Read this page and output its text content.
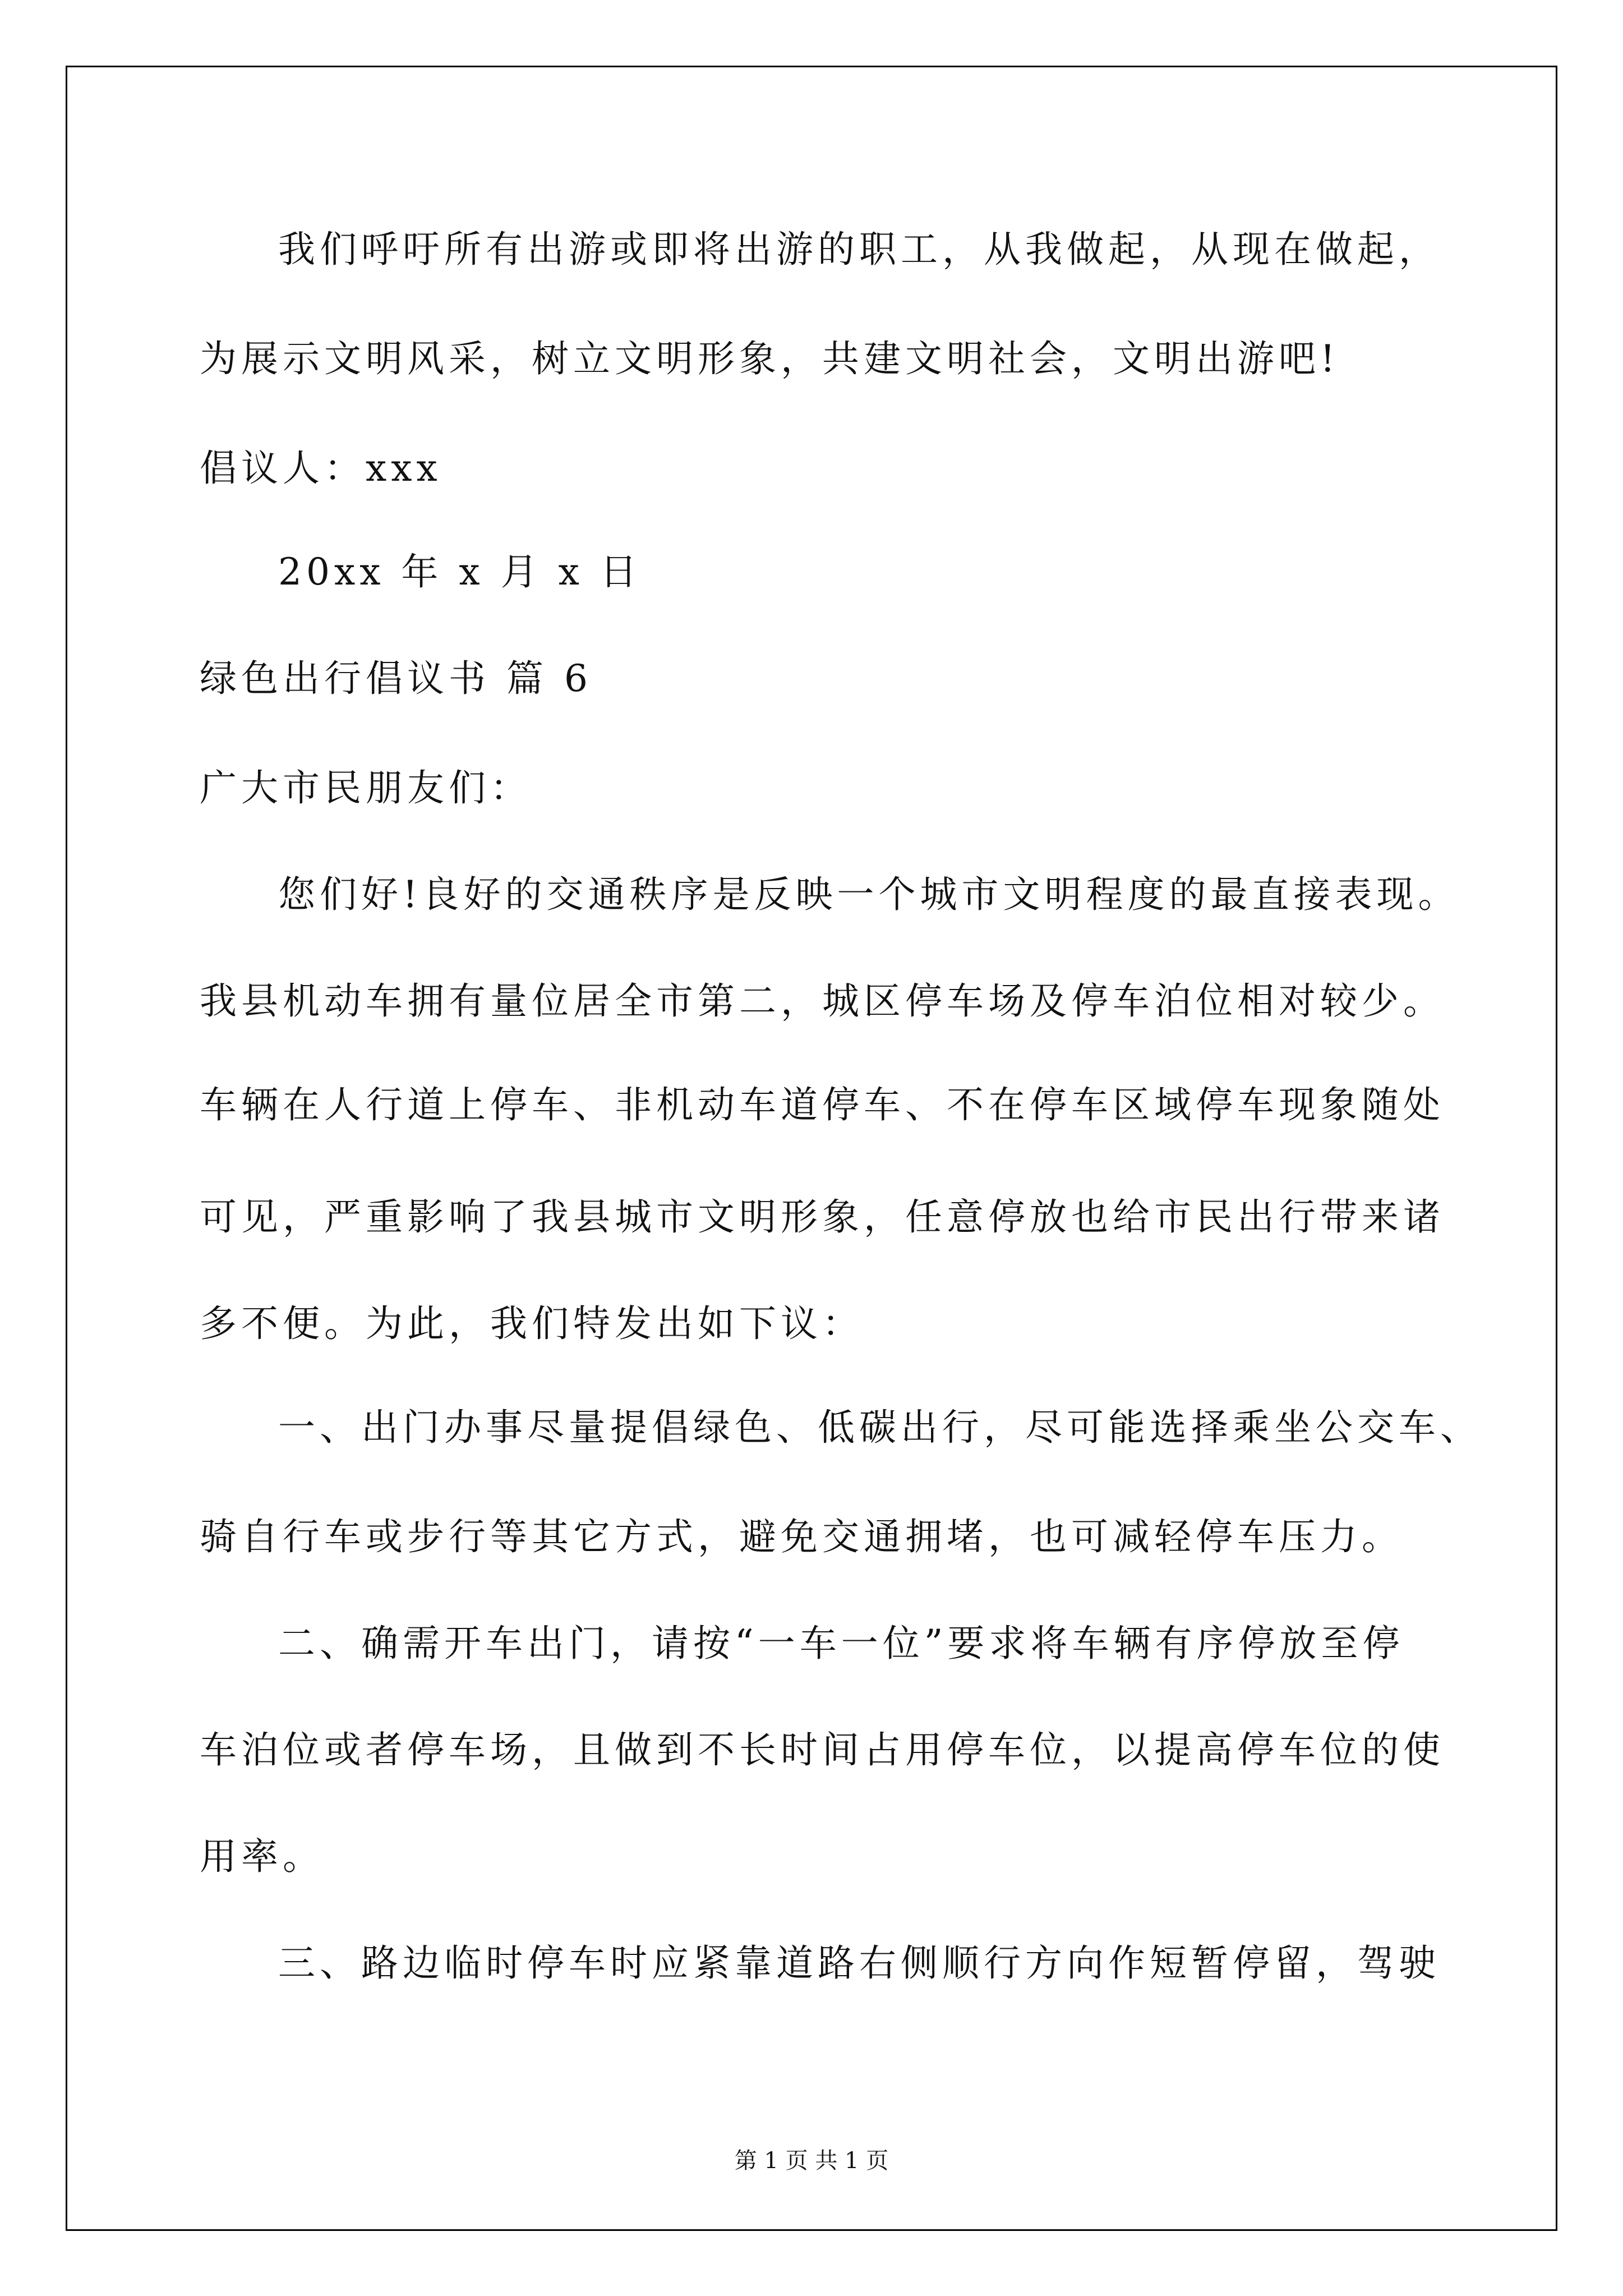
我们呼吁所有出游或即将出游的职工，从我做起，从现在做起，
为展示文明风采，树立文明形象，共建文明社会，文明出游吧!
倡议人：xxx
20xx 年 x 月 x 日
绿色出行倡议书 篇 6
广大市民朋友们：
您们好!良好的交通秩序是反映一个城市文明程度的最直接表现。
我县机动车拥有量位居全市第二，城区停车场及停车泊位相对较少。
车辆在人行道上停车、非机动车道停车、不在停车区域停车现象随处
可见，严重影响了我县城市文明形象，任意停放也给市民出行带来诸
多不便。为此，我们特发出如下议：
一、出门办事尽量提倡绿色、低碳出行，尽可能选择乘坐公交车、
骑自行车或步行等其它方式，避免交通拥堵，也可减轻停车压力。
二、确需开车出门，请按“一车一位”要求将车辆有序停放至停
车泊位或者停车场，且做到不长时间占用停车位，以提高停车位的使
用率。
三、路边临时停车时应紧靠道路右侧顺行方向作短暂停留，驾驶
第 1 页 共 1 页
